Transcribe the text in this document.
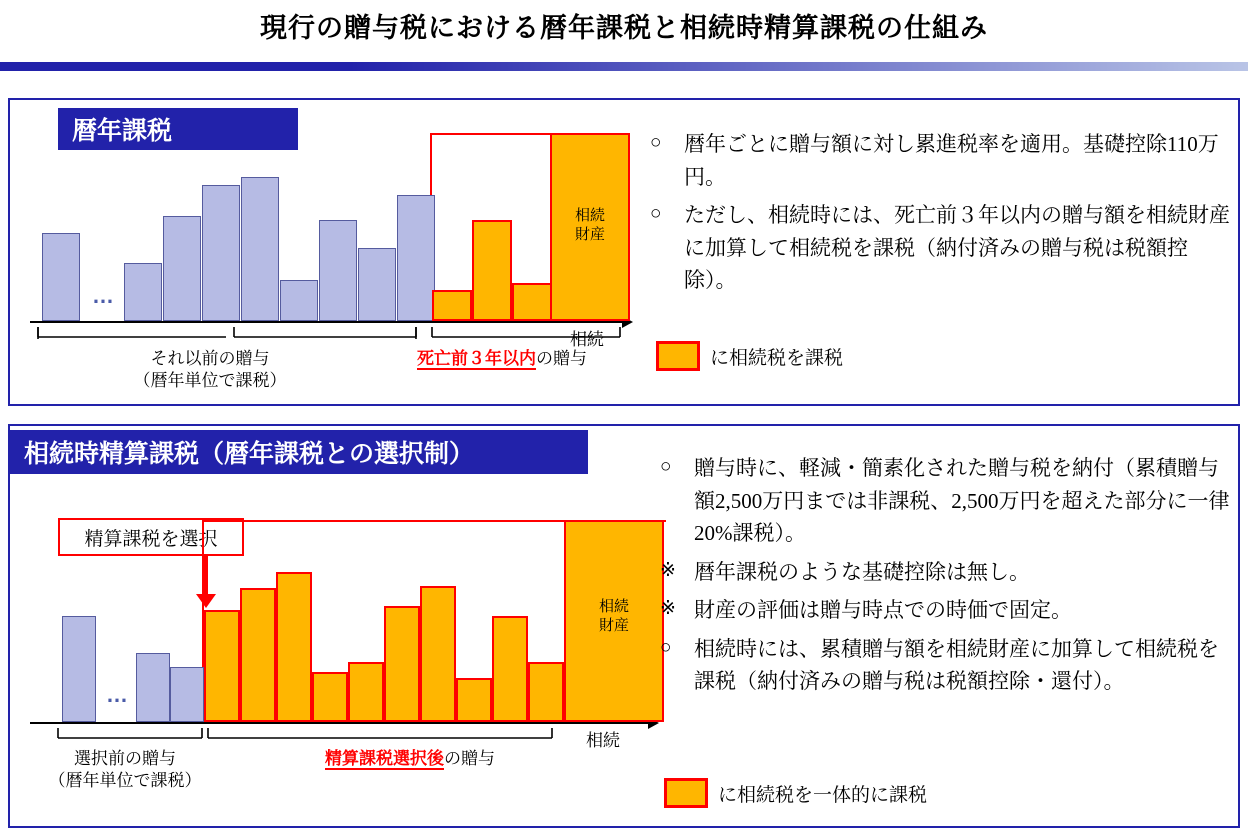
現行の贈与税における暦年課税と相続時精算課税の仕組み
暦年課税
…
相続
財産
相続
それ以前の贈与
（暦年単位で課税）
死亡前３年以内の贈与
○	暦年ごとに贈与額に対し累進税率を適用。基礎控除110万円。
○	ただし、相続時には、死亡前３年以内の贈与額を相続財産に加算して相続税を課税（納付済みの贈与税は税額控除）。
に相続税を課税
相続時精算課税（暦年課税との選択制）
精算課税を選択
…
相続
財産
相続
選択前の贈与
（暦年単位で課税）
精算課税選択後の贈与
○	贈与時に、軽減・簡素化された贈与税を納付（累積贈与額2,500万円までは非課税、2,500万円を超えた部分に一律20%課税）。
※ 暦年課税のような基礎控除は無し。
※ 財産の評価は贈与時点での時価で固定。
○	相続時には、累積贈与額を相続財産に加算して相続税を課税（納付済みの贈与税は税額控除・還付）。
に相続税を一体的に課税
